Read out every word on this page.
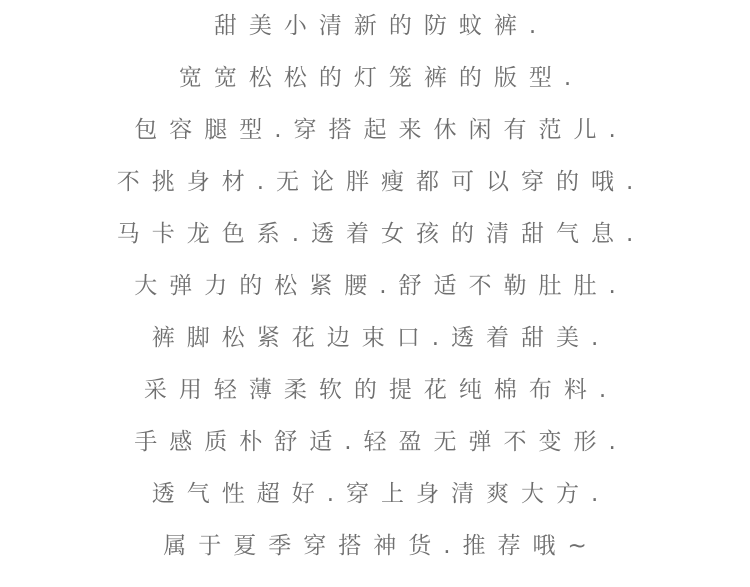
甜美小清新的防蚊裤.
宽宽松松的灯笼裤的版型.
包容腿型.穿搭起来休闲有范儿.
不挑身材.无论胖瘦都可以穿的哦.
马卡龙色系.透着女孩的清甜气息.
大弹力的松紧腰.舒适不勒肚肚.
裤脚松紧花边束口.透着甜美.
采用轻薄柔软的提花纯棉布料.
手感质朴舒适.轻盈无弹不变形.
透气性超好.穿上身清爽大方.
属于夏季穿搭神货.推荐哦~
